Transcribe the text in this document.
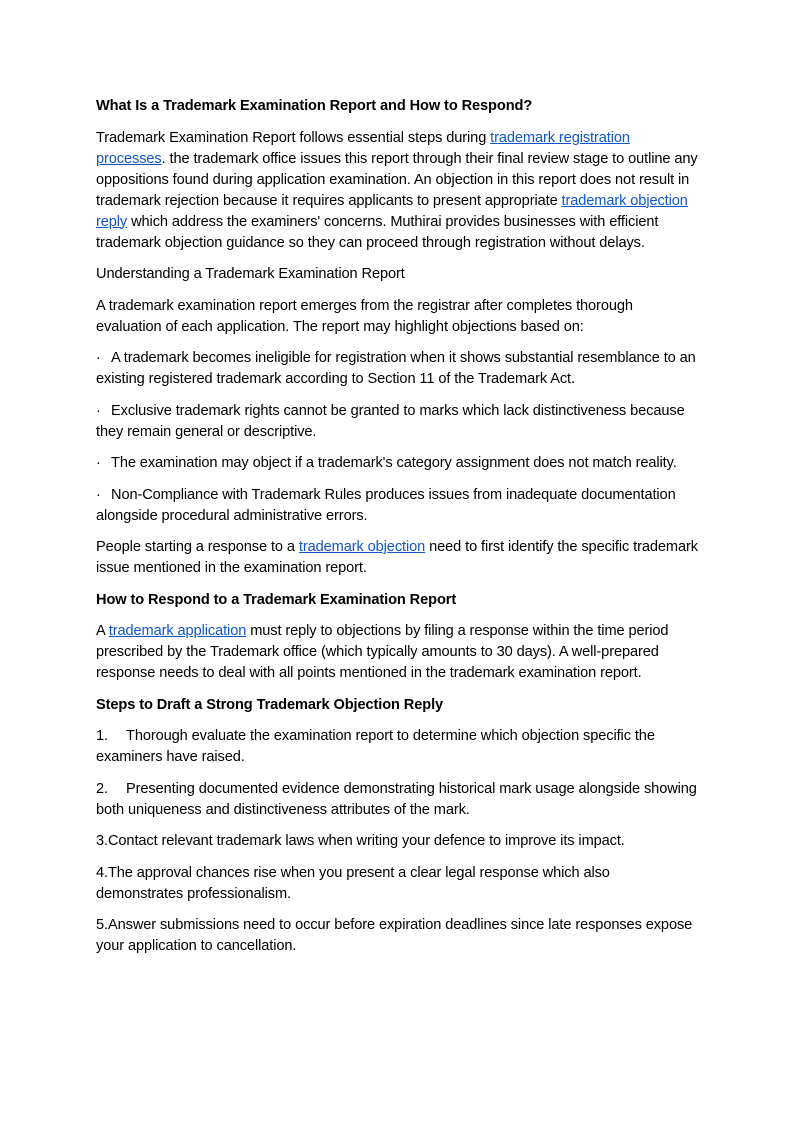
What Is a Trademark Examination Report and How to Respond?

Trademark Examination Report follows essential steps during trademark registration processes. the trademark office issues this report through their final review stage to outline any oppositions found during application examination. An objection in this report does not result in trademark rejection because it requires applicants to present appropriate trademark objection reply which address the examiners' concerns. Muthirai provides businesses with efficient trademark objection guidance so they can proceed through registration without delays.

Understanding a Trademark Examination Report

A trademark examination report emerges from the registrar after completes thorough evaluation of each application. The report may highlight objections based on:

· A trademark becomes ineligible for registration when it shows substantial resemblance to an existing registered trademark according to Section 11 of the Trademark Act.

· Exclusive trademark rights cannot be granted to marks which lack distinctiveness because they remain general or descriptive.

· The examination may object if a trademark's category assignment does not match reality.

· Non-Compliance with Trademark Rules produces issues from inadequate documentation alongside procedural administrative errors.

People starting a response to a trademark objection need to first identify the specific trademark issue mentioned in the examination report.

How to Respond to a Trademark Examination Report

A trademark application must reply to objections by filing a response within the time period prescribed by the Trademark office (which typically amounts to 30 days). A well-prepared response needs to deal with all points mentioned in the trademark examination report.

Steps to Draft a Strong Trademark Objection Reply

1. Thorough evaluate the examination report to determine which objection specific the examiners have raised.

2. Presenting documented evidence demonstrating historical mark usage alongside showing both uniqueness and distinctiveness attributes of the mark.

3.Contact relevant trademark laws when writing your defence to improve its impact.

4.The approval chances rise when you present a clear legal response which also demonstrates professionalism.

5.Answer submissions need to occur before expiration deadlines since late responses expose your application to cancellation.
